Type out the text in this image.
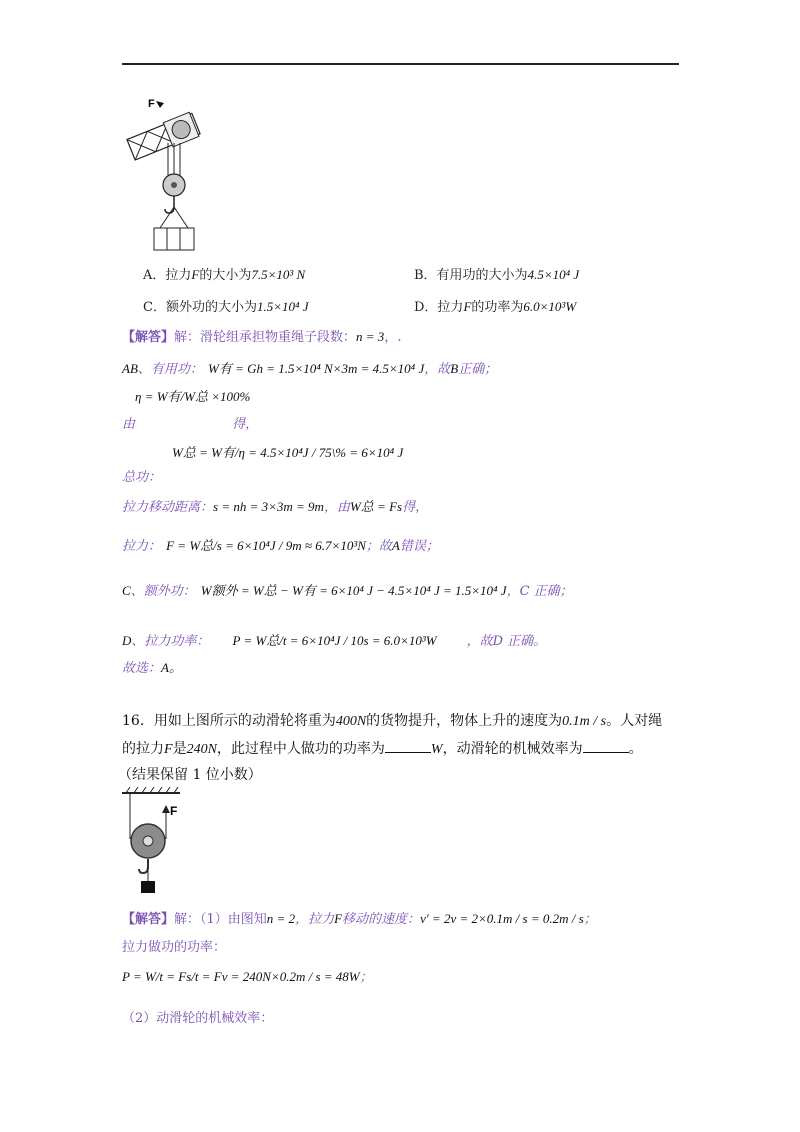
F
A．拉力F的大小为7.5×10³ N	B．有用功的大小为4.5×10⁴ J
C．额外功的大小为1.5×10⁴ J	D．拉力F的功率为6.0×10³W
【解答】解：滑轮组承担物重绳子段数：n = 3，.
AB、有用功： W有 = Gh = 1.5×10⁴ N×3m = 4.5×10⁴ J，故B正确；
η = W有/W总 ×100%
由	得，
W总 = W有/η = 4.5×10⁴J / 75\% = 6×10⁴ J
总功：
拉力移动距离：s = nh = 3×3m = 9m，由W总 = Fs得，
拉力： F = W总/s = 6×10⁴J / 9m ≈ 6.7×10³N；故A错误；
C、额外功： W额外 = W总 − W有 = 6×10⁴ J − 4.5×10⁴ J = 1.5×10⁴ J，C 正确；
D、拉力功率： P = W总/t = 6×10⁴J / 10s = 6.0×10³W ，故D 正确。
故选：A。
16．用如上图所示的动滑轮将重为400N的货物提升，物体上升的速度为0.1m / s。人对绳
的拉力F是240N，此过程中人做功的功率为	W，动滑轮的机械效率为	。
（结果保留 1 位小数）
F
【解答】解：（1）由图知n = 2，拉力F移动的速度：v′ = 2v = 2×0.1m / s = 0.2m / s；
拉力做功的功率：
P = W/t = Fs/t = Fv = 240N×0.2m / s = 48W；
（2）动滑轮的机械效率：
